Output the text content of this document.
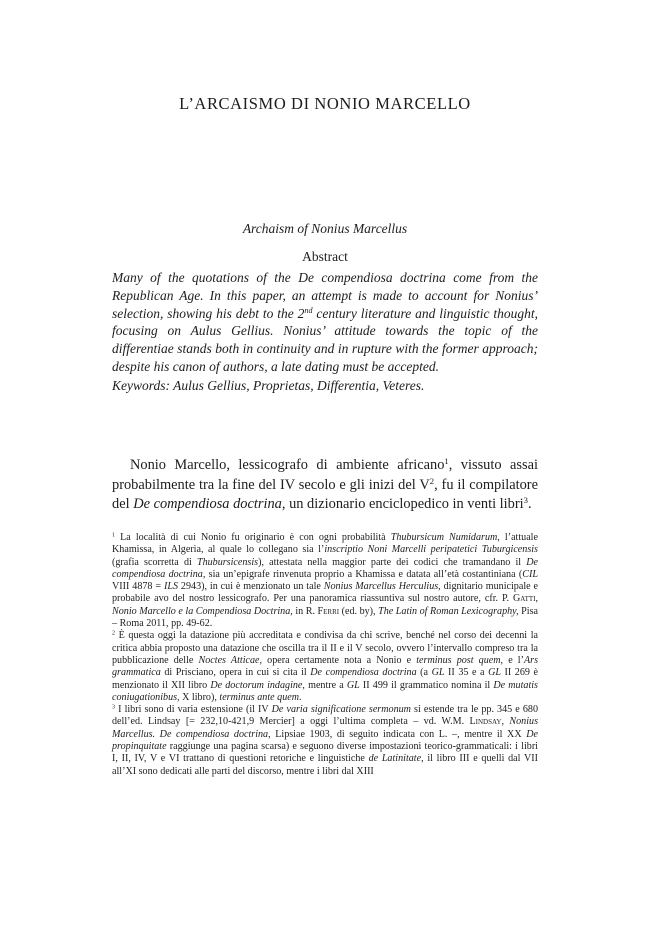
L’ARCAISMO DI NONIO MARCELLO
Archaism of Nonius Marcellus
Abstract

Many of the quotations of the De compendiosa doctrina come from the Republican Age. In this paper, an attempt is made to account for Nonius’ selection, showing his debt to the 2nd century literature and linguistic thought, focusing on Aulus Gellius. Nonius’ attitude towards the topic of the differentiae stands both in continuity and in rupture with the former approach; despite his canon of authors, a late dating must be accepted.

Keywords: Aulus Gellius, Proprietas, Differentia, Veteres.

Nonio Marcello, lessicografo di ambiente africano$^1$, vissuto assai probabilmente tra la fine del IV secolo e gli inizi del $V^2$, fu il compilatore del De compendiosa doctrina, un dizionario enciclopedico in venti libri$^3$.

$^1$ La località di cui Nonio fu originario è con ogni probabilità Thubursicum Numidarum, l’attuale Khamissa, in Algeria, al quale lo collegano sia l’inscriptio Noni Marcelli peripatetici Tuburgicensis (grafia scorretta di Thubursicensis), attestata nella maggior parte dei codici che tramandano il De compendiosa doctrina, sia un’epigrafe rinvenuta proprio a Khamissa e datata all’età costantiniana (CIL VIII 4878 = ILS 2943), in cui è menzionato un tale Nonius Marcellus Herculius, dignitario municipale e probabile avo del nostro lessicografo. Per una panoramica riassuntiva sul nostro autore, cfr. P. Gatti, Nonio Marcello e la Compendiosa Doctrina, in R. Ferri (ed. by), The Latin of Roman Lexicography, Pisa – Roma 2011, pp. 49-62.

$^2$ È questa oggi la datazione più accreditata e condivisa da chi scrive, benché nel corso dei decenni la critica abbia proposto una datazione che oscilla tra il II e il V secolo, ovvero l’intervallo compreso tra la pubblicazione delle Noctes Atticae, opera certamente nota a Nonio e terminus post quem, e l’Ars grammatica di Prisciano, opera in cui si cita il De compendiosa doctrina (a GL II 35 e a GL II 269 è menzionato il XII libro De doctorum indagine, mentre a GL II 499 il grammatico nomina il De mutatis coniugationibus, X libro), terminus ante quem.

$^3$ I libri sono di varia estensione (il IV De varia significatione sermonum si estende tra le pp. 345 e 680 dell’ed. Lindsay [= 232,10-421,9 Mercier] a oggi l’ultima completa – vd. W.M. Lindsay, Nonius Marcellus. De compendiosa doctrina, Lipsiae 1903, di seguito indicata con L. –, mentre il XX De propinquitate raggiunge una pagina scarsa) e seguono diverse impostazioni teorico-grammaticali: i libri I, II, IV, V e VI trattano di questioni retoriche e linguistiche de Latinitate, il libro III e quelli dal VII all’XI sono dedicati alle parti del discorso, mentre i libri dal XIII
